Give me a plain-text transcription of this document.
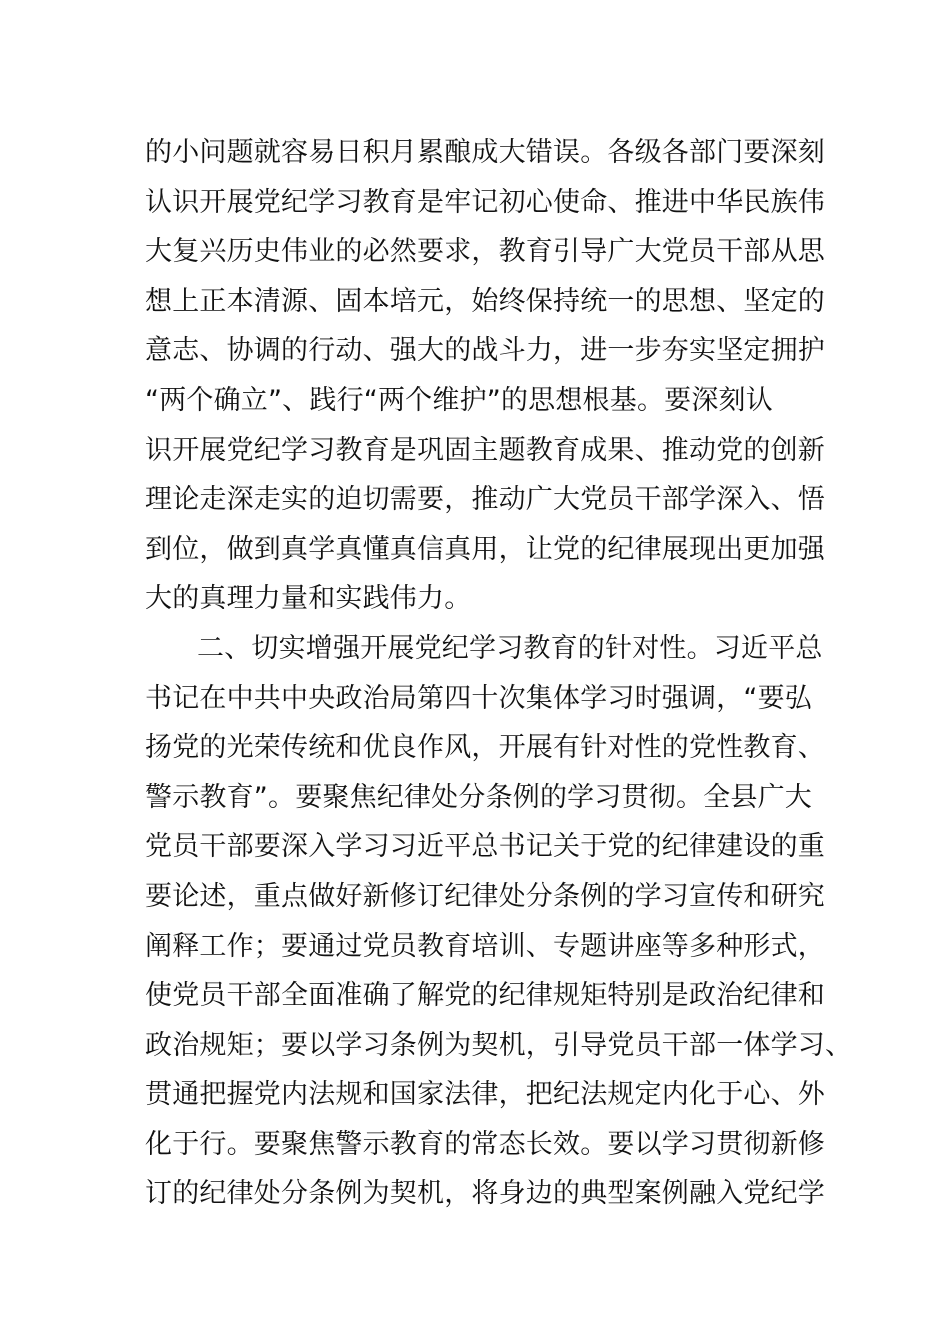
的小问题就容易日积月累酿成大错误。各级各部门要深刻
认识开展党纪学习教育是牢记初心使命、推进中华民族伟
大复兴历史伟业的必然要求，教育引导广大党员干部从思
想上正本清源、固本培元，始终保持统一的思想、坚定的
意志、协调的行动、强大的战斗力，进一步夯实坚定拥护
“两个确立”、践行“两个维护”的思想根基。要深刻认
识开展党纪学习教育是巩固主题教育成果、推动党的创新
理论走深走实的迫切需要，推动广大党员干部学深入、悟
到位，做到真学真懂真信真用，让党的纪律展现出更加强
大的真理力量和实践伟力。
二、切实增强开展党纪学习教育的针对性。习近平总
书记在中共中央政治局第四十次集体学习时强调，“要弘
扬党的光荣传统和优良作风，开展有针对性的党性教育、
警示教育”。要聚焦纪律处分条例的学习贯彻。全县广大
党员干部要深入学习习近平总书记关于党的纪律建设的重
要论述，重点做好新修订纪律处分条例的学习宣传和研究
阐释工作；要通过党员教育培训、专题讲座等多种形式，
使党员干部全面准确了解党的纪律规矩特别是政治纪律和
政治规矩；要以学习条例为契机，引导党员干部一体学习、
贯通把握党内法规和国家法律，把纪法规定内化于心、外
化于行。要聚焦警示教育的常态长效。要以学习贯彻新修
订的纪律处分条例为契机，将身边的典型案例融入党纪学
